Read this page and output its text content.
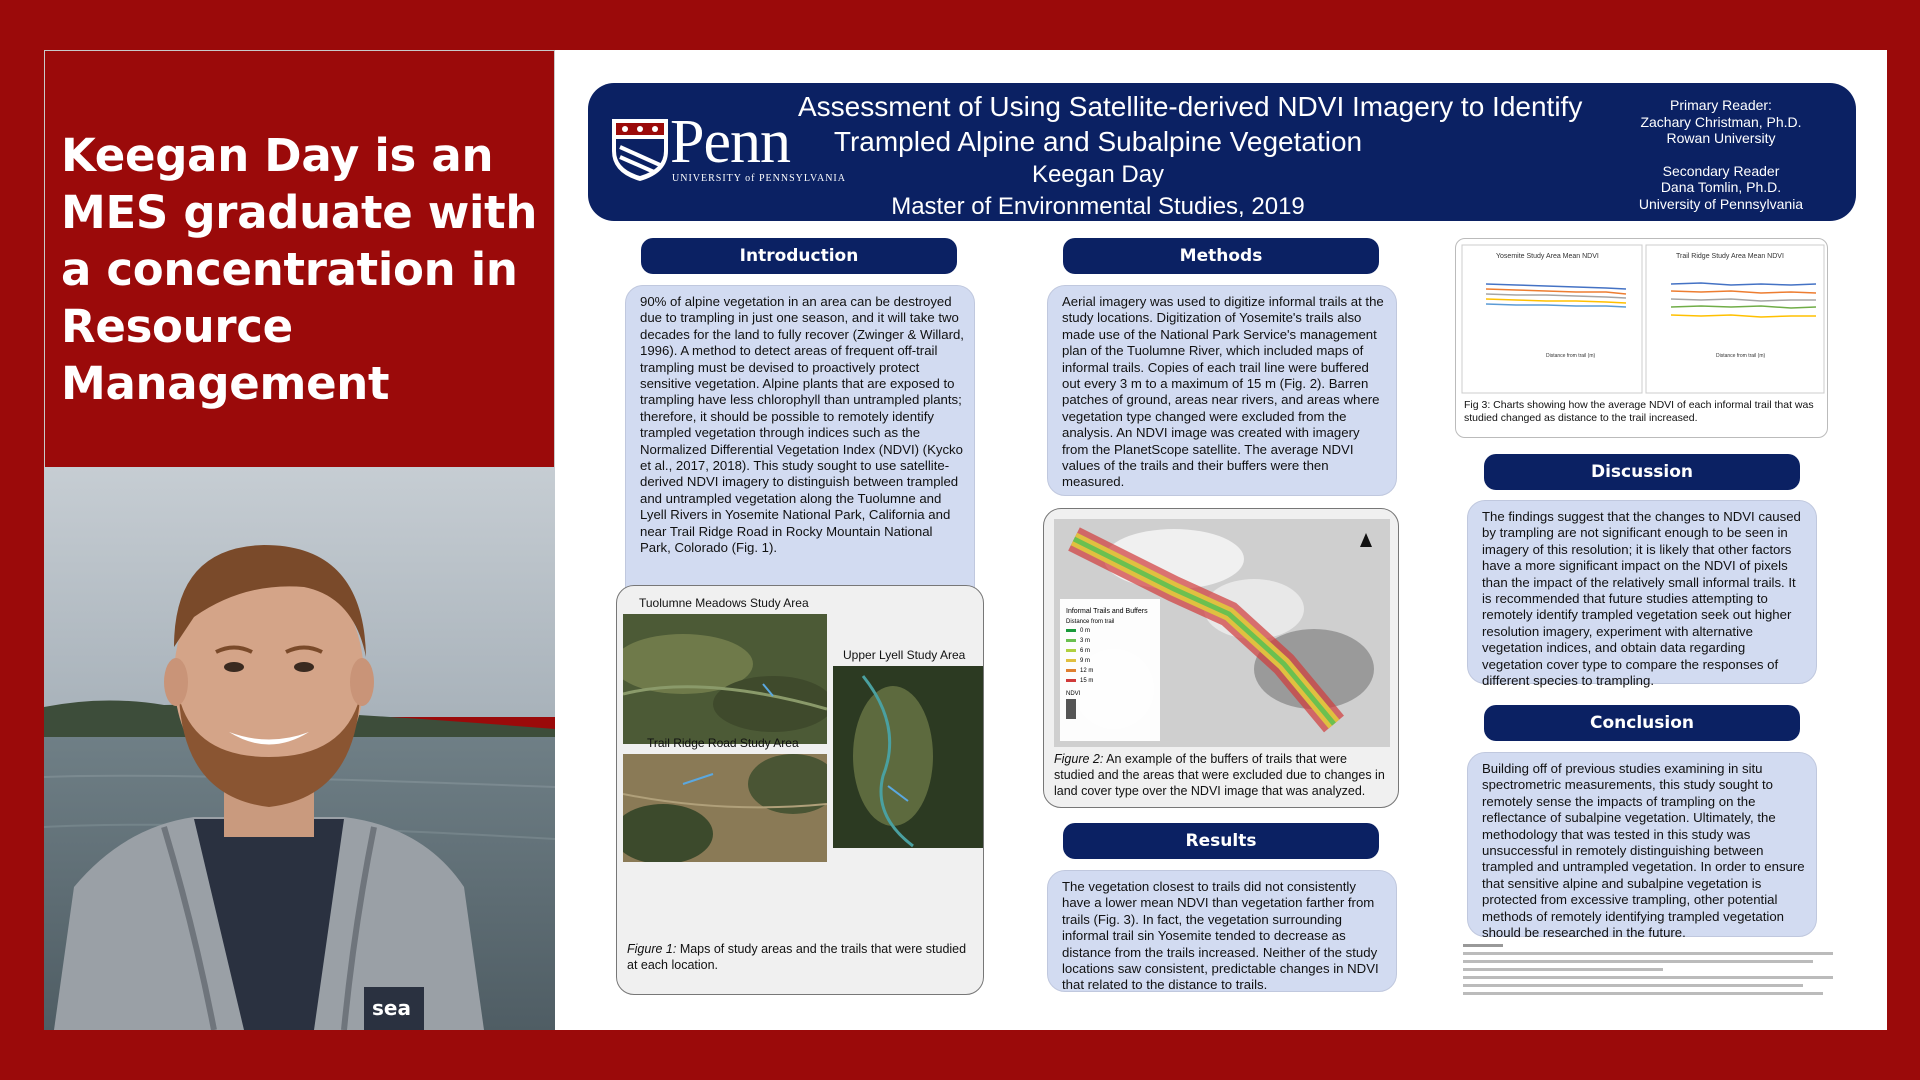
Keegan Day is an MES graduate with a concentration in Resource Management
sea
Penn
UNIVERSITY of PENNSYLVANIA
Assessment of Using Satellite-derived NDVI Imagery to Identify
Trampled Alpine and Subalpine Vegetation
Keegan Day
Master of Environmental Studies, 2019
Primary Reader:
Zachary Christman, Ph.D.
Rowan University
Secondary Reader
Dana Tomlin, Ph.D.
University of Pennsylvania
Introduction
90% of alpine vegetation in an area can be destroyed due to trampling in just one season, and it will take two decades for the land to fully recover (Zwinger & Willard, 1996). A method to detect areas of frequent off-trail trampling must be devised to proactively protect sensitive vegetation. Alpine plants that are exposed to trampling have less chlorophyll than untrampled plants; therefore, it should be possible to remotely identify trampled vegetation through indices such as the Normalized Differential Vegetation Index (NDVI) (Kycko et al., 2017, 2018). This study sought to use satellite-derived NDVI imagery to distinguish between trampled and untrampled vegetation along the Tuolumne and Lyell Rivers in Yosemite National Park, California and near Trail Ridge Road in Rocky Mountain National Park, Colorado (Fig. 1).
Tuolumne Meadows Study Area
Upper Lyell Study Area
Trail Ridge Road Study Area
Figure 1: Maps of study areas and the trails that were studied at each location.
Methods
Aerial imagery was used to digitize informal trails at the study locations. Digitization of Yosemite's trails also made use of the National Park Service's management plan of the Tuolumne River, which included maps of informal trails. Copies of each trail line were buffered out every 3 m to a maximum of 15 m (Fig. 2). Barren patches of ground, areas near rivers, and areas where vegetation type changed were excluded from the analysis. An NDVI image was created with imagery from the PlanetScope satellite. The average NDVI values of the trails and their buffers were then measured.
Informal Trails and Buffers
Distance from trail
0 m
3 m
6 m
9 m
12 m
15 m
NDVI
Figure 2: An example of the buffers of trails that were studied and the areas that were excluded due to changes in land cover type over the NDVI image that was analyzed.
Results
The vegetation closest to trails did not consistently have a lower mean NDVI than vegetation farther from trails (Fig. 3). In fact, the vegetation surrounding informal trail sin Yosemite tended to decrease as distance from the trails increased. Neither of the study locations saw consistent, predictable changes in NDVI that related to the distance to trails.
Yosemite Study Area Mean NDVI	Trail Ridge Study Area Mean NDVI
Distance from trail (m)	Distance from trail (m)
Fig 3: Charts showing how the average NDVI of each informal trail that was studied changed as distance to the trail increased.
Discussion
The findings suggest that the changes to NDVI caused by trampling are not significant enough to be seen in imagery of this resolution; it is likely that other factors have a more significant impact on the NDVI of pixels than the impact of the relatively small informal trails. It is recommended that future studies attempting to remotely identify trampled vegetation seek out higher resolution imagery, experiment with alternative vegetation indices, and obtain data regarding vegetation cover type to compare the responses of different species to trampling.
Conclusion
Building off of previous studies examining in situ spectrometric measurements, this study sought to remotely sense the impacts of trampling on the reflectance of subalpine vegetation. Ultimately, the methodology that was tested in this study was unsuccessful in remotely distinguishing between trampled and untrampled vegetation. In order to ensure that sensitive alpine and subalpine vegetation is protected from excessive trampling, other potential methods of remotely identifying trampled vegetation should be researched in the future.
